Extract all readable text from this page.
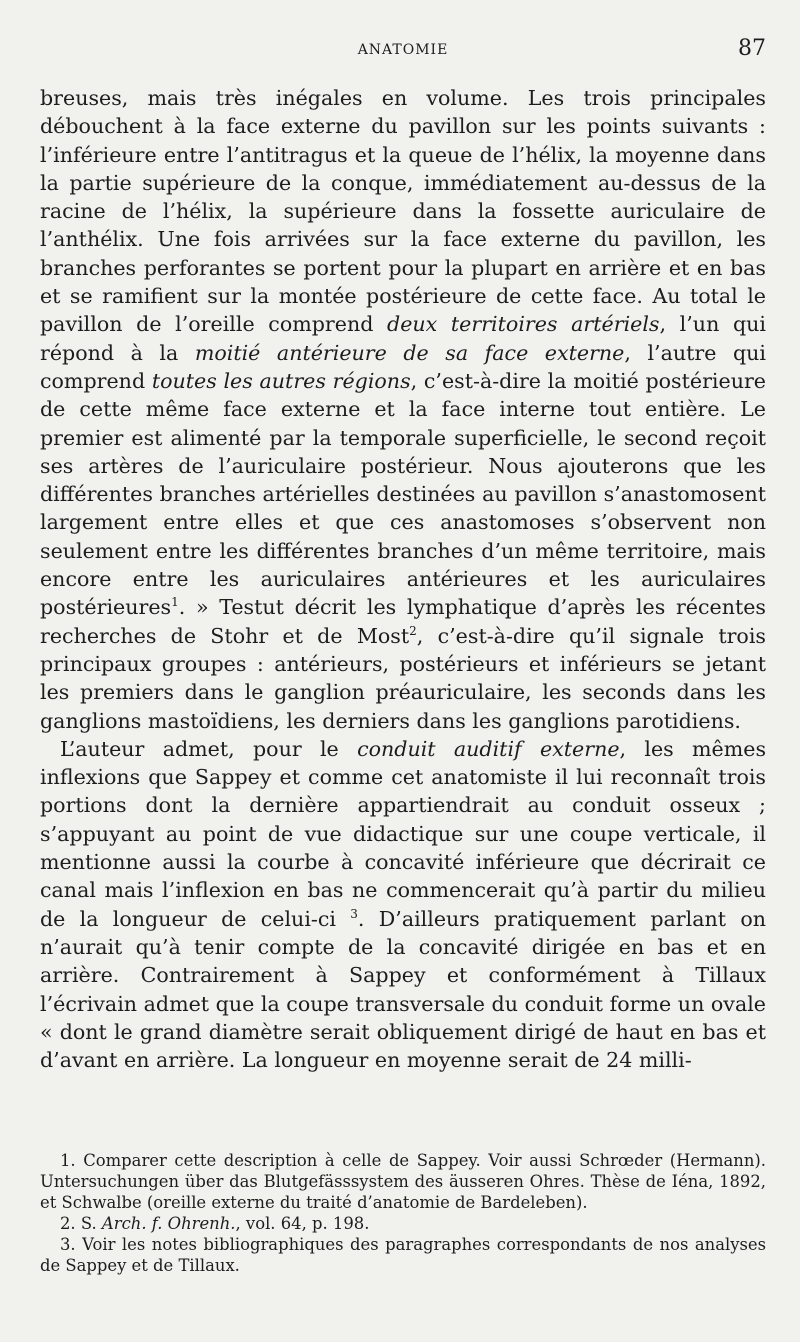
ANATOMIE	87

breuses, mais très inégales en volume. Les trois principales débouchent à la face externe du pavillon sur les points suivants : l’inférieure entre l’antitragus et la queue de l’hélix, la moyenne dans la partie supérieure de la conque, immédiatement au-dessus de la racine de l’hélix, la supérieure dans la fossette auriculaire de l’anthélix. Une fois arrivées sur la face externe du pavillon, les branches perforantes se portent pour la plupart en arrière et en bas et se ramifient sur la montée postérieure de cette face. Au total le pavillon de l’oreille comprend deux territoires artériels, l’un qui répond à la moitié antérieure de sa face externe, l’autre qui comprend toutes les autres régions, c’est-à-dire la moitié postérieure de cette même face externe et la face interne tout entière. Le premier est alimenté par la temporale superficielle, le second reçoit ses artères de l’auriculaire postérieur. Nous ajouterons que les différentes branches artérielles destinées au pavillon s’anastomosent largement entre elles et que ces anastomoses s’observent non seulement entre les différentes branches d’un même territoire, mais encore entre les auriculaires antérieures et les auriculaires postérieures$^1$. » Testut décrit les lymphatique d’après les récentes recherches de Stohr et de Most$^2$, c’est-à-dire qu’il signale trois principaux groupes : antérieurs, postérieurs et inférieurs se jetant les premiers dans le ganglion préauriculaire, les seconds dans les ganglions mastoïdiens, les derniers dans les ganglions parotidiens.

L’auteur admet, pour le conduit auditif externe, les mêmes inflexions que Sappey et comme cet anatomiste il lui reconnaît trois portions dont la dernière appartiendrait au conduit osseux ; s’appuyant au point de vue didactique sur une coupe verticale, il mentionne aussi la courbe à concavité inférieure que décrirait ce canal mais l’inflexion en bas ne commencerait qu’à partir du milieu de la longueur de celui-ci $^3$. D’ailleurs pratiquement parlant on n’aurait qu’à tenir compte de la concavité dirigée en bas et en arrière. Contrairement à Sappey et conformément à Tillaux l’écrivain admet que la coupe transversale du conduit forme un ovale « dont le grand diamètre serait obliquement dirigé de haut en bas et d’avant en arrière. La longueur en moyenne serait de 24 milli-

1. Comparer cette description à celle de Sappey. Voir aussi Schrœder (Hermann). Untersuchungen über das Blutgefässsystem des äusseren Ohres. Thèse de Iéna, 1892, et Schwalbe (oreille externe du traité d’anatomie de Bardeleben).

2. S. Arch. f. Ohrenh., vol. 64, p. 198.

3. Voir les notes bibliographiques des paragraphes correspondants de nos analyses de Sappey et de Tillaux.
